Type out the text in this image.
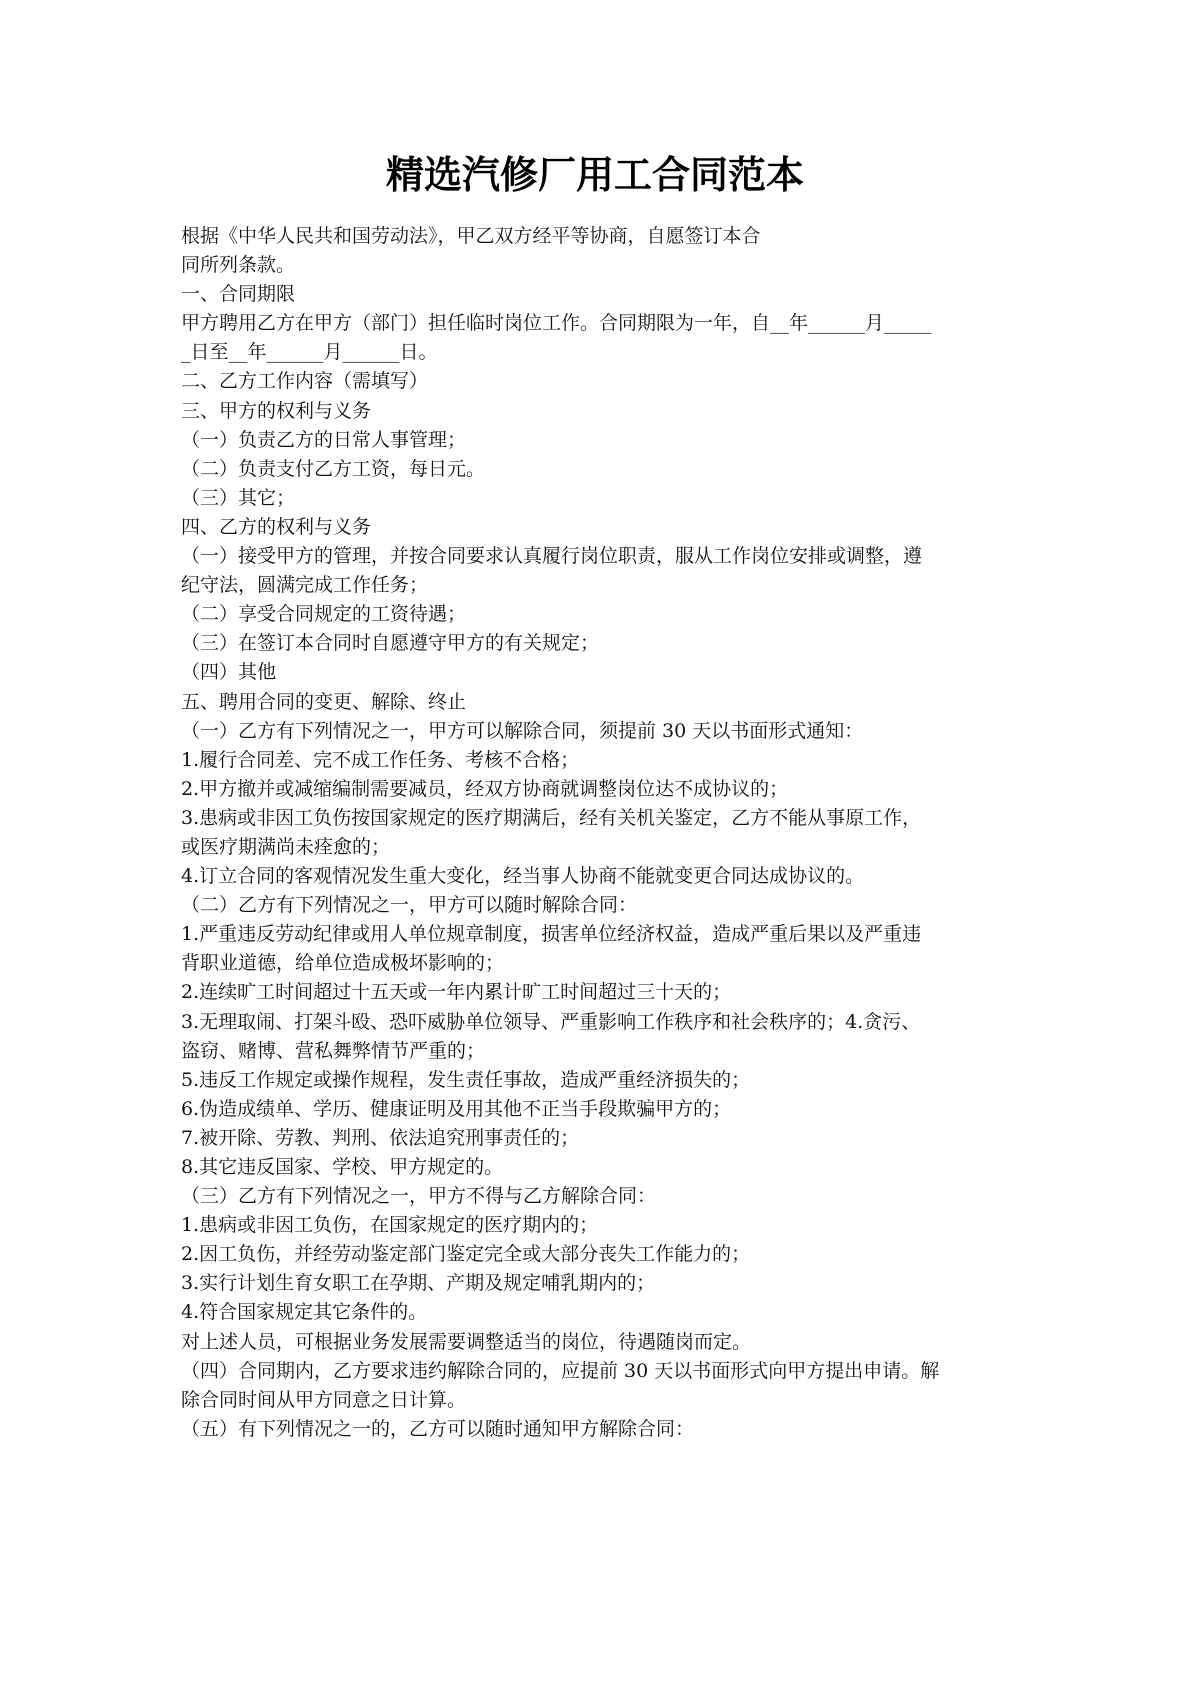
精选汽修厂用工合同范本
根据《中华人民共和国劳动法》，甲乙双方经平等协商，自愿签订本合
同所列条款。
一、合同期限
甲方聘用乙方在甲方（部门）担任临时岗位工作。合同期限为一年，自__年______月_____
_日至__年______月______日。
二、乙方工作内容（需填写）
三、甲方的权利与义务
（一）负责乙方的日常人事管理；
（二）负责支付乙方工资，每日元。
（三）其它；
四、乙方的权利与义务
（一）接受甲方的管理，并按合同要求认真履行岗位职责，服从工作岗位安排或调整，遵
纪守法，圆满完成工作任务；
（二）享受合同规定的工资待遇；
（三）在签订本合同时自愿遵守甲方的有关规定；
（四）其他
五、聘用合同的变更、解除、终止
（一）乙方有下列情况之一，甲方可以解除合同，须提前 30 天以书面形式通知：
1.履行合同差、完不成工作任务、考核不合格；
2.甲方撤并或减缩编制需要减员，经双方协商就调整岗位达不成协议的；
3.患病或非因工负伤按国家规定的医疗期满后，经有关机关鉴定，乙方不能从事原工作，
或医疗期满尚未痊愈的；
4.订立合同的客观情况发生重大变化，经当事人协商不能就变更合同达成协议的。
（二）乙方有下列情况之一，甲方可以随时解除合同：
1.严重违反劳动纪律或用人单位规章制度，损害单位经济权益，造成严重后果以及严重违
背职业道德，给单位造成极坏影响的；
2.连续旷工时间超过十五天或一年内累计旷工时间超过三十天的；
3.无理取闹、打架斗殴、恐吓威胁单位领导、严重影响工作秩序和社会秩序的；4.贪污、
盗窃、赌博、营私舞弊情节严重的；
5.违反工作规定或操作规程，发生责任事故，造成严重经济损失的；
6.伪造成绩单、学历、健康证明及用其他不正当手段欺骗甲方的；
7.被开除、劳教、判刑、依法追究刑事责任的；
8.其它违反国家、学校、甲方规定的。
（三）乙方有下列情况之一，甲方不得与乙方解除合同：
1.患病或非因工负伤，在国家规定的医疗期内的；
2.因工负伤，并经劳动鉴定部门鉴定完全或大部分丧失工作能力的；
3.实行计划生育女职工在孕期、产期及规定哺乳期内的；
4.符合国家规定其它条件的。
对上述人员，可根据业务发展需要调整适当的岗位，待遇随岗而定。
（四）合同期内，乙方要求违约解除合同的，应提前 30 天以书面形式向甲方提出申请。解
除合同时间从甲方同意之日计算。
（五）有下列情况之一的，乙方可以随时通知甲方解除合同：
